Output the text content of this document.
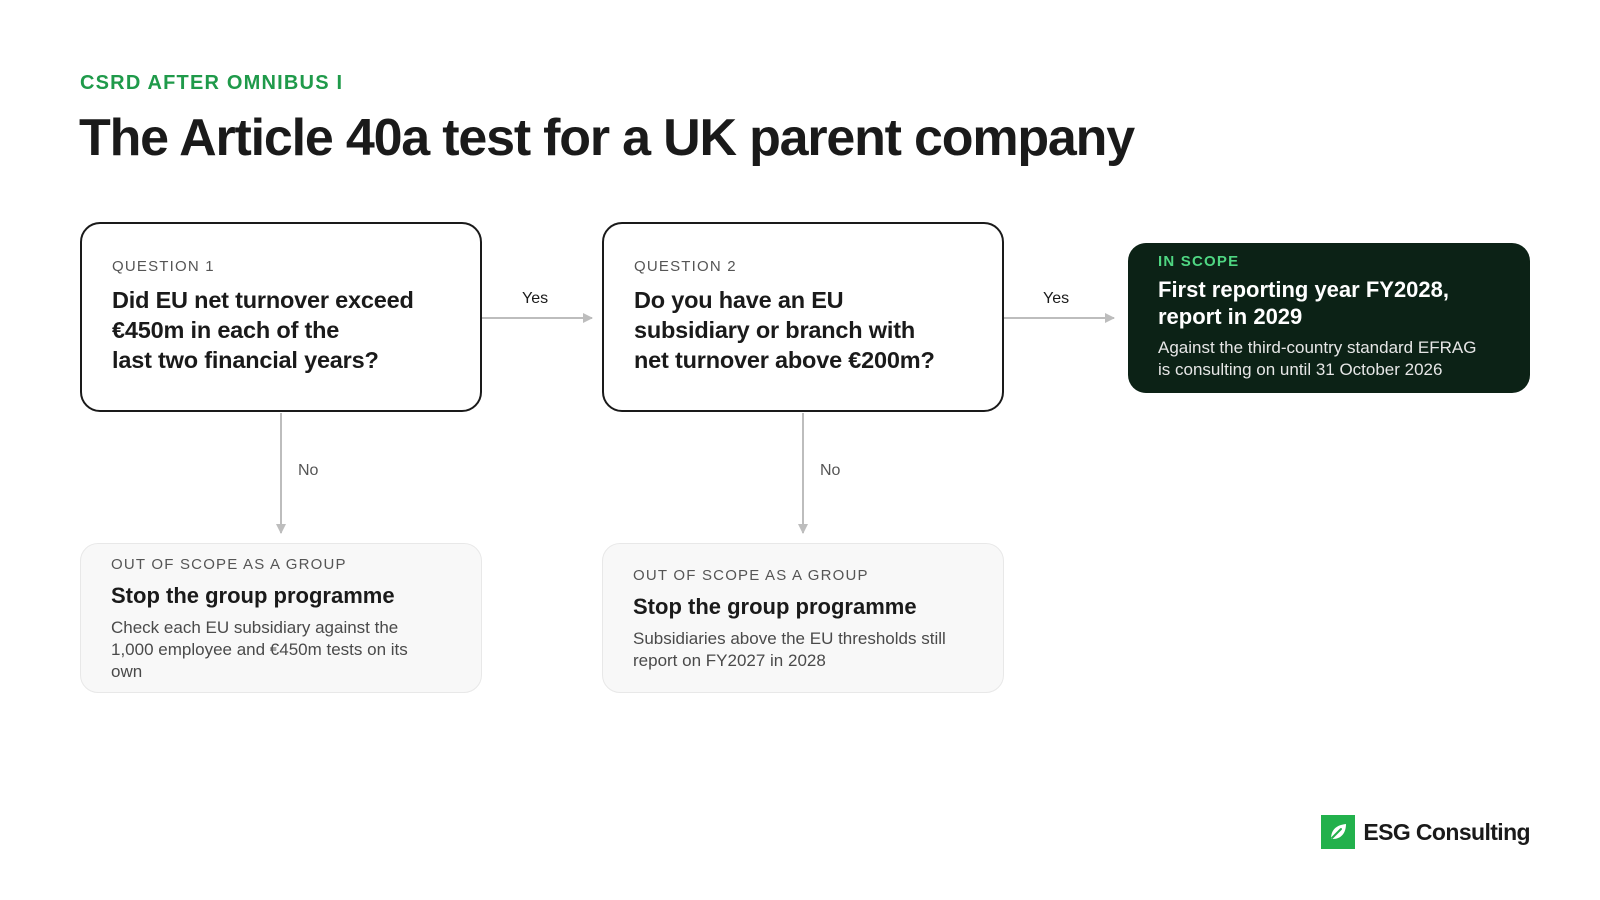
CSRD AFTER OMNIBUS I
The Article 40a test for a UK parent company
QUESTION 1
Did EU net turnover exceed
€450m in each of the
last two financial years?
QUESTION 2
Do you have an EU
subsidiary or branch with
net turnover above €200m?
IN SCOPE
First reporting year FY2028,
report in 2029
Against the third-country standard EFRAG
is consulting on until 31 October 2026
Yes	Yes
No	No
OUT OF SCOPE AS A GROUP
Stop the group programme
Check each EU subsidiary against the 1,000 employee and €450m tests on its own
OUT OF SCOPE AS A GROUP
Stop the group programme
Subsidiaries above the EU thresholds still report on FY2027 in 2028
ESG Consulting
